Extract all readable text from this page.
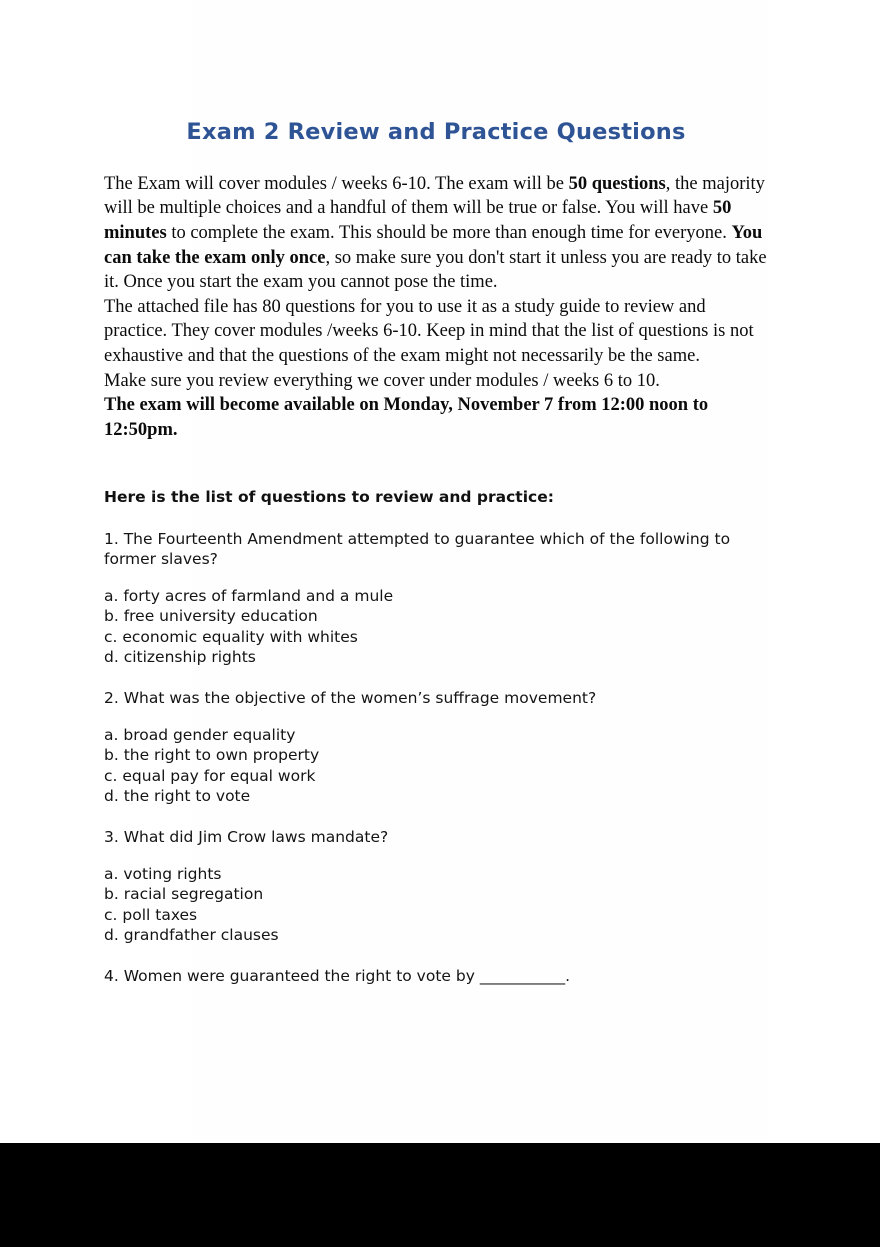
Exam 2 Review and Practice Questions

The Exam will cover modules / weeks 6-10. The exam will be 50 questions, the majority will be multiple choices and a handful of them will be true or false. You will have 50 minutes to complete the exam. This should be more than enough time for everyone. You can take the exam only once, so make sure you don't start it unless you are ready to take it. Once you start the exam you cannot pose the time.

The attached file has 80 questions for you to use it as a study guide to review and practice. They cover modules /weeks 6-10. Keep in mind that the list of questions is not exhaustive and that the questions of the exam might not necessarily be the same.

Make sure you review everything we cover under modules / weeks 6 to 10.

The exam will become available on Monday, November 7 from 12:00 noon to 12:50pm.

Here is the list of questions to review and practice:

1. The Fourteenth Amendment attempted to guarantee which of the following to former slaves?

a. forty acres of farmland and a mule

b. free university education

c. economic equality with whites

d. citizenship rights

2. What was the objective of the women’s suffrage movement?

a. broad gender equality

b. the right to own property

c. equal pay for equal work

d. the right to vote

3. What did Jim Crow laws mandate?

a. voting rights

b. racial segregation

c. poll taxes

d. grandfather clauses

4. Women were guaranteed the right to vote by ___________.
